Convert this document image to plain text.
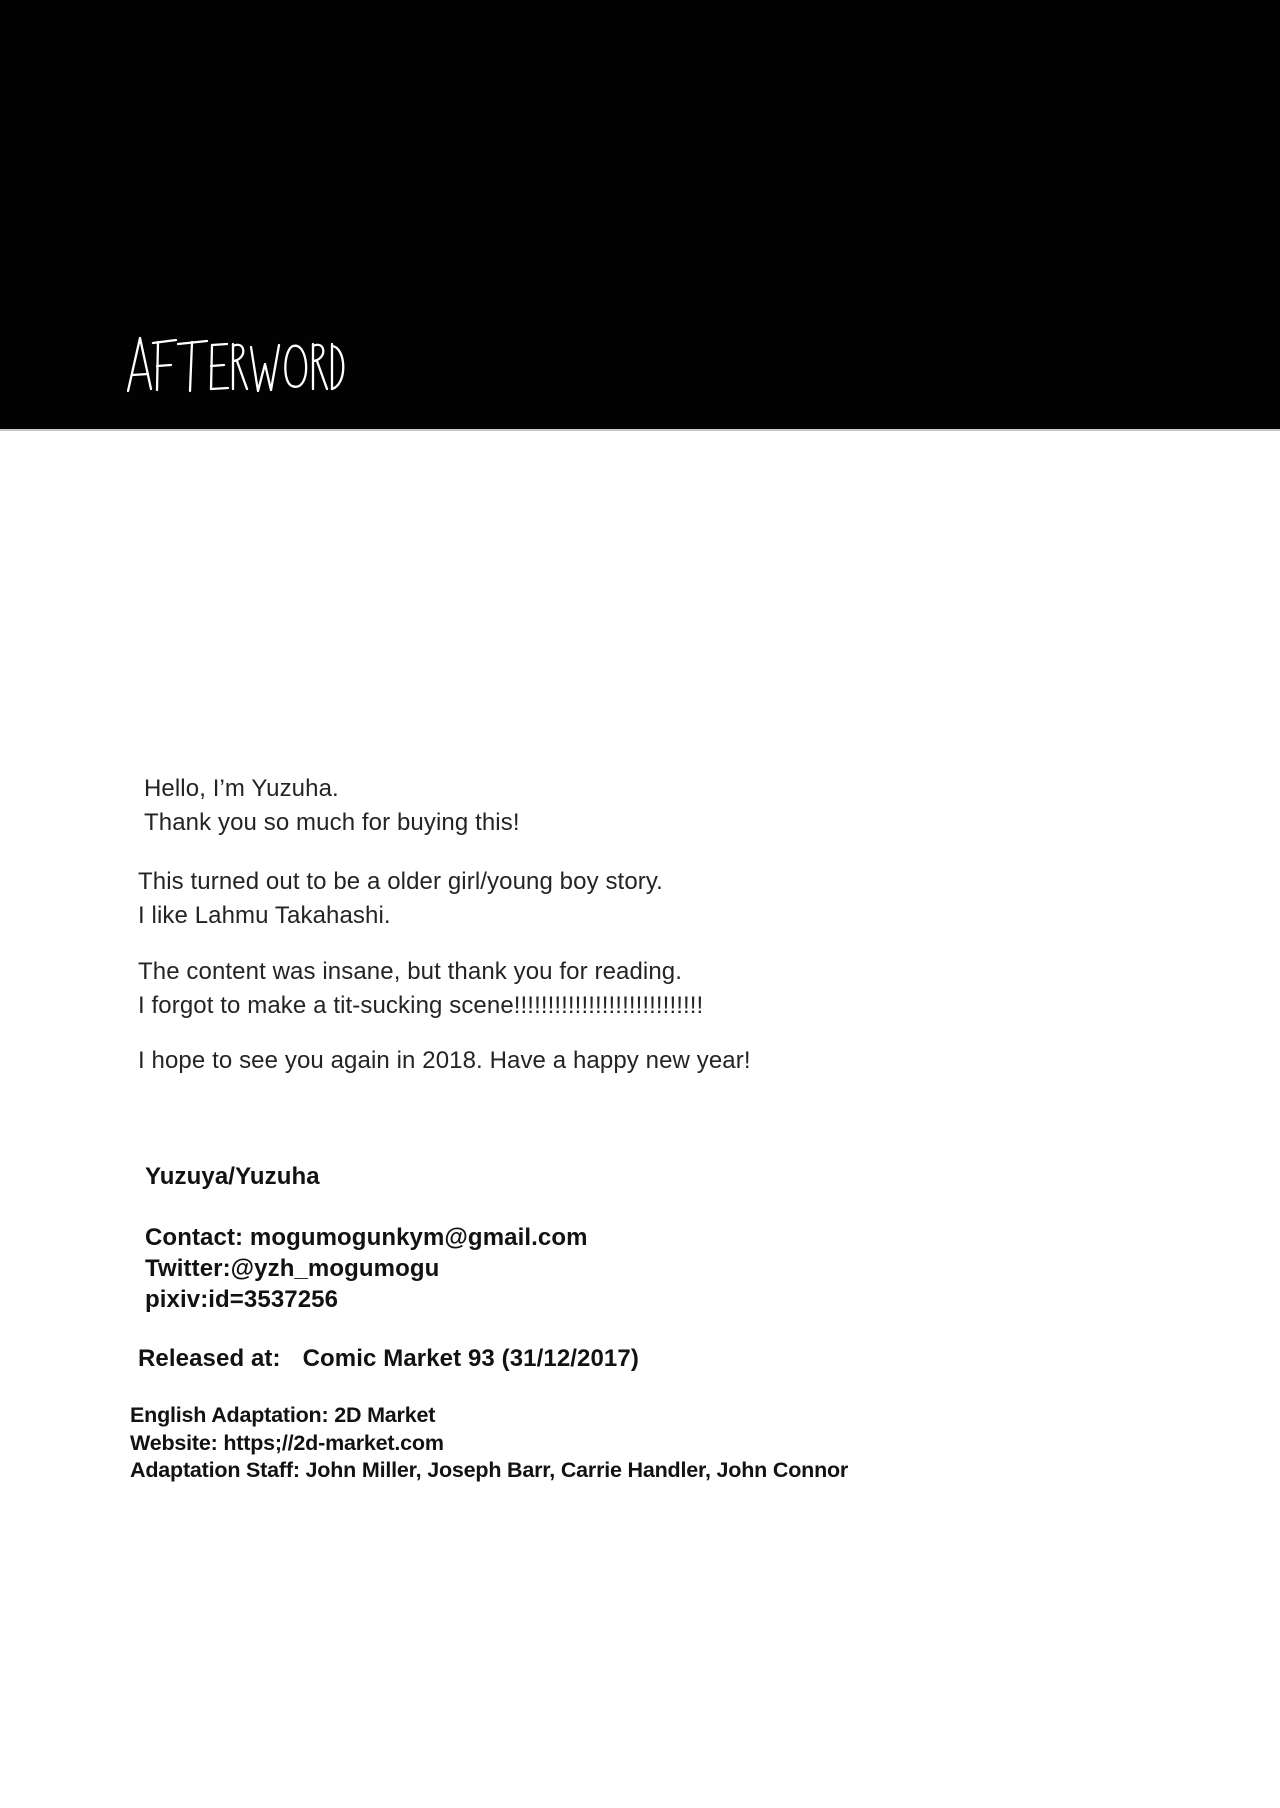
Hello, I’m Yuzuha.
Thank you so much for buying this!
This turned out to be a older girl/young boy story.
I like Lahmu Takahashi.
The content was insane, but thank you for reading.
I forgot to make a tit-sucking scene!!!!!!!!!!!!!!!!!!!!!!!!!!!!
I hope to see you again in 2018. Have a happy new year!
Yuzuya/Yuzuha
Contact: mogumogunkym@gmail.com
Twitter:@yzh_mogumogu
pixiv:id=3537256
Released at: Comic Market 93 (31/12/2017)
English Adaptation: 2D Market
Website: https;//2d-market.com
Adaptation Staff: John Miller, Joseph Barr, Carrie Handler, John Connor
